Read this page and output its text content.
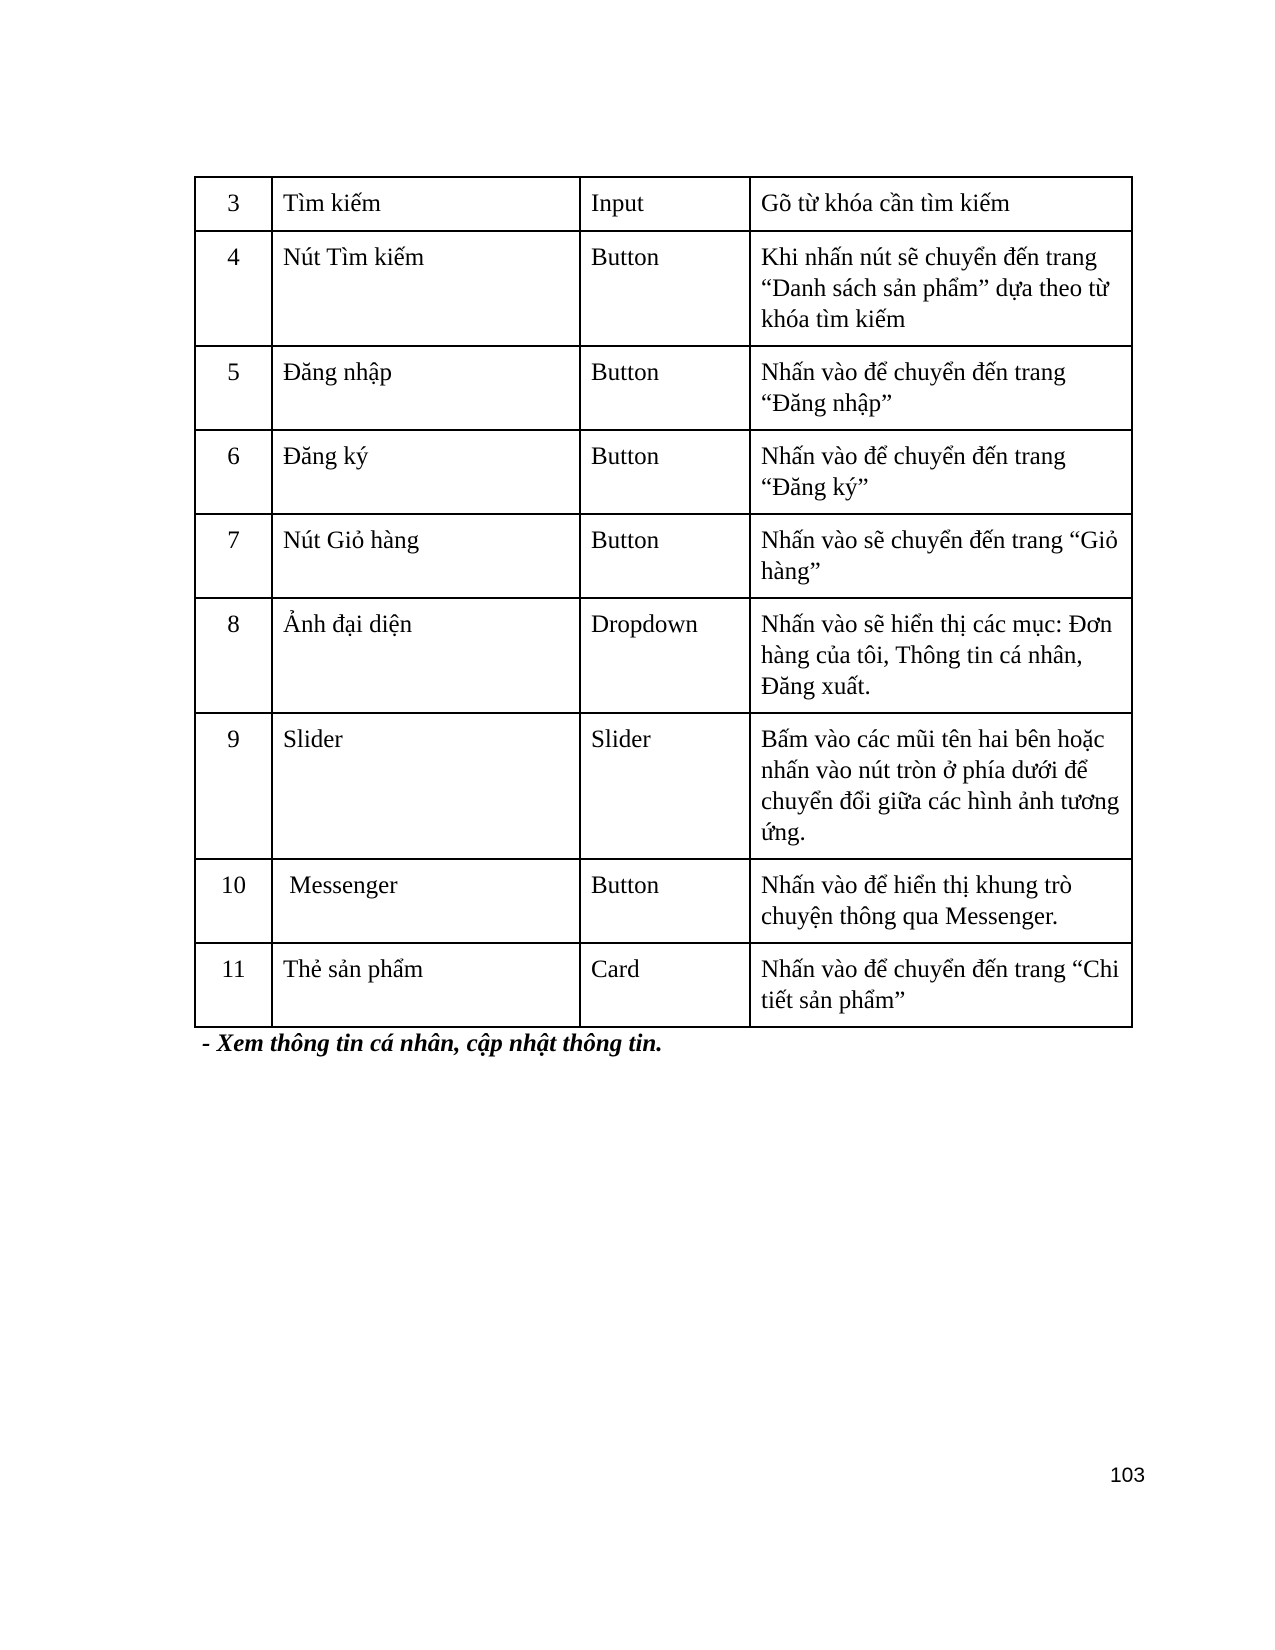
3	Tìm kiếm	Input	Gõ từ khóa cần tìm kiếm
4	Nút Tìm kiếm	Button	Khi nhấn nút sẽ chuyển đến trang “Danh sách sản phẩm” dựa theo từ khóa tìm kiếm
5	Đăng nhập	Button	Nhấn vào để chuyển đến trang “Đăng nhập”
6	Đăng ký	Button	Nhấn vào để chuyển đến trang “Đăng ký”
7	Nút Giỏ hàng	Button	Nhấn vào sẽ chuyển đến trang “Giỏ hàng”
8	Ảnh đại diện	Dropdown	Nhấn vào sẽ hiển thị các mục: Đơn hàng của tôi, Thông tin cá nhân, Đăng xuất.
9	Slider	Slider	Bấm vào các mũi tên hai bên hoặc nhấn vào nút tròn ở phía dưới để chuyển đổi giữa các hình ảnh tương ứng.
10	Messenger	Button	Nhấn vào để hiển thị khung trò chuyện thông qua Messenger.
11	Thẻ sản phẩm	Card	Nhấn vào để chuyển đến trang “Chi tiết sản phẩm”
- Xem thông tin cá nhân, cập nhật thông tin.
103
